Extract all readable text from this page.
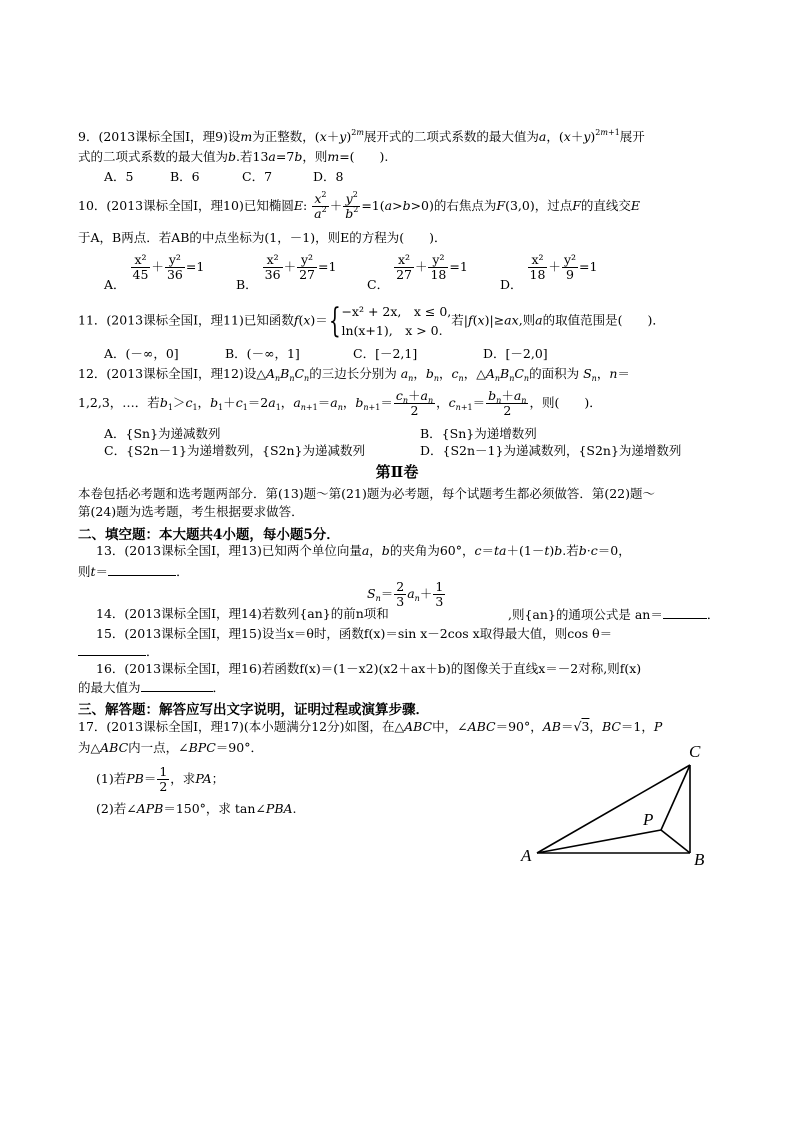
9．(2013课标全国Ⅰ，理9)设m为正整数，$(x+y)^{2m}$展开式的二项式系数的最大值为a，$(x+y)^{2m+1}$展开
式的二项式系数的最大值为b.若13a=7b，则m=(　　).
A．5	B．6	C．7	D．8
10．(2013课标全国Ⅰ，理10)已知椭圆E: $\frac{x^2}{a^2} + \frac{y^2}{b^2} =1(a>b>0)$的右焦点为F(3,0)，过点F的直线交E
于A，B两点．若AB的中点坐标为(1，－1)，则E的方程为(　　)．
A．
$\frac{\text{x²}}{45} + \frac{\text{y²}}{36} =1$
B．
$\frac{\text{x²}}{36} + \frac{\text{y²}}{27} =1$
C．
$\frac{\text{x²}}{27} + \frac{\text{y²}}{18} =1$
D．
$\frac{\text{x²}}{18} + \frac{\text{y²}}{9} =1$
11．(2013课标全国Ⅰ，理11)已知函数f(x)＝{ −x² + 2x,　x ≤ 0,
ln(x+1),　x > 0.
若|f(x)|≥ax,则a的取值范围是(　　)．
A．(－∞，0]	B．(－∞，1]	C．[－2,1]	D．[－2,0]
12．(2013课标全国Ⅰ，理12)设$\triangle A_nB_nC_n$的三边长分别为 $a_n$，$b_n$，$c_n$，$\triangle A_nB_nC_n$的面积为 $S_n$，n＝
1,2,3，…．若$b_1>c_1$，$b_1+c_1=2a_1$，$a_{n+1}=a_n$，$b_{n+1}= \frac{c_n+a_n}{2}$ ，$c_{n+1}= \frac{b_n+a_n}{2}$ ，则(　　)．
A．{Sn}为递减数列	B．{Sn}为递增数列
C．{S2n－1}为递增数列，{S2n}为递减数列	D．{S2n－1}为递减数列，{S2n}为递增数列
第Ⅱ卷
本卷包括必考题和选考题两部分．第(13)题～第(21)题为必考题，每个试题考生都必须做答．第(22)题～
第(24)题为选考题，考生根据要求做答．
二、填空题：本大题共4小题，每小题5分．
13．(2013课标全国Ⅰ，理13)已知两个单位向量a，b的夹角为60°，c＝ta＋(1－t)b.若b·c＝0，
则t＝	．
$S_n= \frac{2}{3} a_n+ \frac{1}{3}$
14．(2013课标全国Ⅰ，理14)若数列{an}的前n项和	,则{an}的通项公式是 an＝	．
15．(2013课标全国Ⅰ，理15)设当x＝θ时，函数f(x)＝sin x－2cos x取得最大值，则cos θ＝
．
16．(2013课标全国Ⅰ，理16)若函数f(x)＝(1－x2)(x2＋ax＋b)的图像关于直线x＝－2对称,则f(x)
的最大值为	．
三、解答题：解答应写出文字说明，证明过程或演算步骤．
17．(2013课标全国Ⅰ，理17)(本小题满分12分)如图，在△ABC中，∠ABC＝90°，AB＝√3，BC＝1，P
为△ABC内一点，∠BPC＝90°．
(1)若$PB= \frac{1}{2}$ ，求PA；
(2)若∠APB＝150°，求 tan∠PBA.
A	B
C
P
